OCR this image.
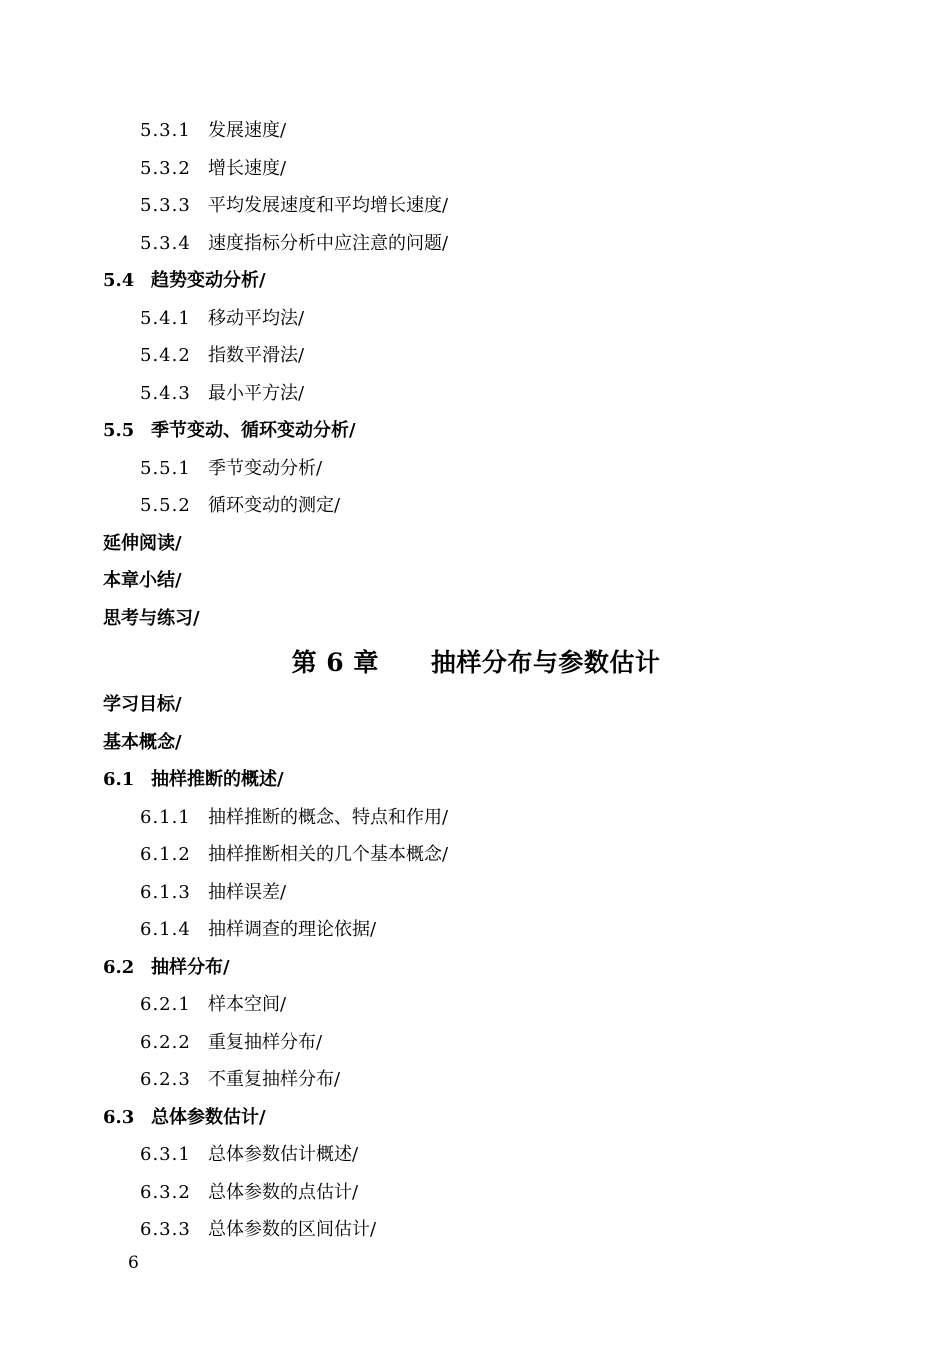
5.3.1 发展速度/
5.3.2 增长速度/
5.3.3 平均发展速度和平均增长速度/
5.3.4 速度指标分析中应注意的问题/
5.4 趋势变动分析/
5.4.1 移动平均法/
5.4.2 指数平滑法/
5.4.3 最小平方法/
5.5 季节变动、循环变动分析/
5.5.1 季节变动分析/
5.5.2 循环变动的测定/
延伸阅读/
本章小结/
思考与练习/
学习目标/
基本概念/
6.1 抽样推断的概述/
6.1.1 抽样推断的概念、特点和作用/
6.1.2 抽样推断相关的几个基本概念/
6.1.3 抽样误差/
6.1.4 抽样调查的理论依据/
6.2 抽样分布/
6.2.1 样本空间/
6.2.2 重复抽样分布/
6.2.3 不重复抽样分布/
6.3 总体参数估计/
6.3.1 总体参数估计概述/
6.3.2 总体参数的点估计/
6.3.3 总体参数的区间估计/
第 6 章 抽样分布与参数估计
6
